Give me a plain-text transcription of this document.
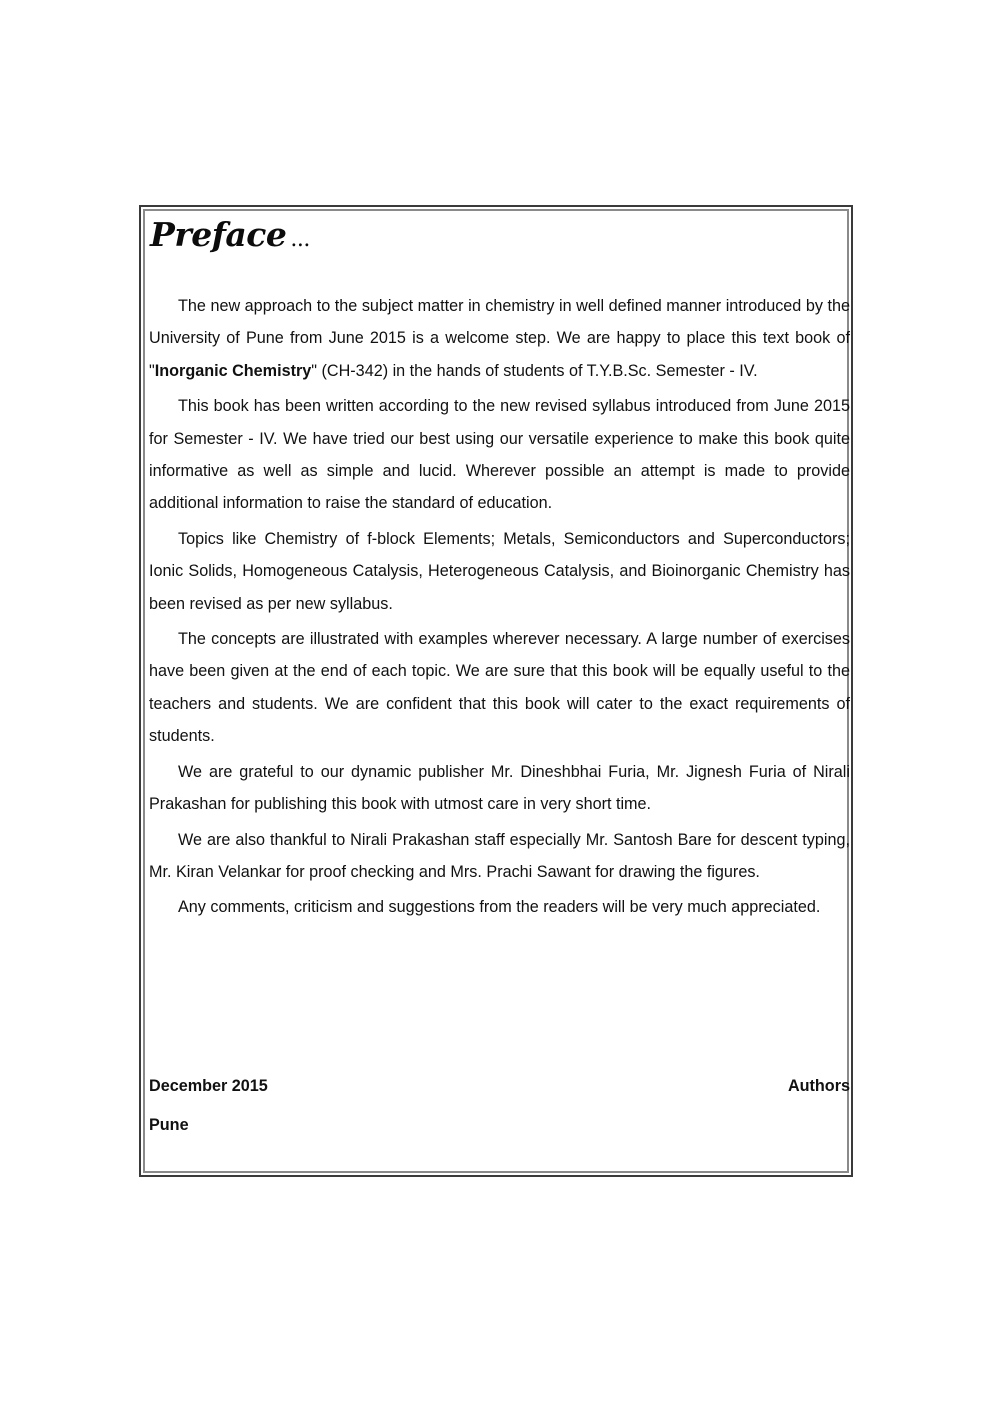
Preface ...

The new approach to the subject matter in chemistry in well defined manner introduced by the University of Pune from June 2015 is a welcome step. We are happy to place this text book of "Inorganic Chemistry" (CH-342) in the hands of students of T.Y.B.Sc. Semester - IV.

This book has been written according to the new revised syllabus introduced from June 2015 for Semester - IV. We have tried our best using our versatile experience to make this book quite informative as well as simple and lucid. Wherever possible an attempt is made to provide additional information to raise the standard of education.

Topics like Chemistry of f-block Elements; Metals, Semiconductors and Superconductors; Ionic Solids, Homogeneous Catalysis, Heterogeneous Catalysis, and Bioinorganic Chemistry has been revised as per new syllabus.

The concepts are illustrated with examples wherever necessary. A large number of exercises have been given at the end of each topic. We are sure that this book will be equally useful to the teachers and students. We are confident that this book will cater to the exact requirements of students.

We are grateful to our dynamic publisher Mr. Dineshbhai Furia, Mr. Jignesh Furia of Nirali Prakashan for publishing this book with utmost care in very short time.

We are also thankful to Nirali Prakashan staff especially Mr. Santosh Bare for descent typing, Mr. Kiran Velankar for proof checking and Mrs. Prachi Sawant for drawing the figures.

Any comments, criticism and suggestions from the readers will be very much appreciated.

December 2015	Authors
Pune
